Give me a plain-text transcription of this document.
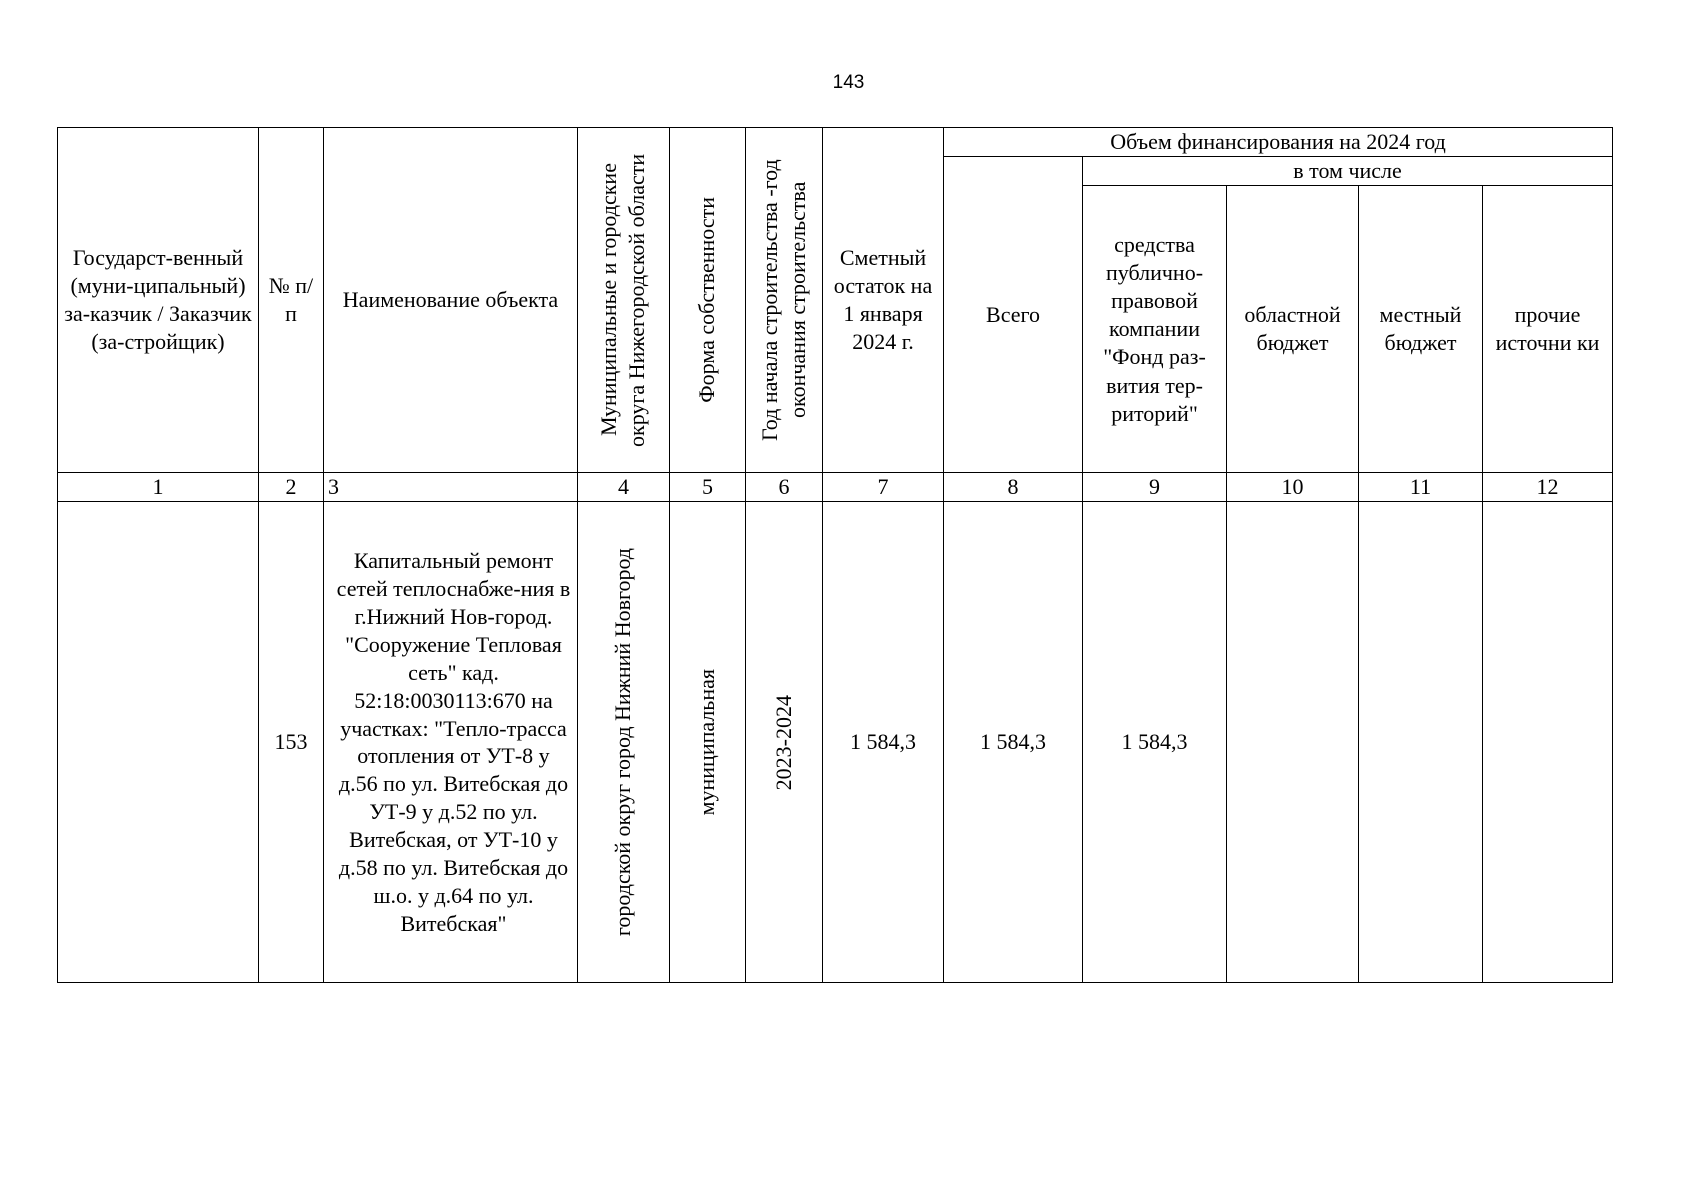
143
Государст-венный (муни-ципальный) за-казчик / Заказчик (за-стройщик)	№ п/п	Наименование объекта	Муниципальные и городские округа Нижегородской области	Форма собственности	Год начала строительства -год окончания строительства	Сметный остаток на 1 января 2024 г.	Объем финансирования на 2024 год				
							Всего	в том числе			
								средства публично-правовой компании "Фонд раз-вития тер-риторий"	областной бюджет	местный бюджет	прочие источни ки
1	2	3	4	5	6	7	8	9	10	11	12
	153	Капитальный ремонт сетей теплоснабже-ния в г.Нижний Нов-город. "Сооружение Тепловая сеть" кад. 52:18:0030113:670 на участках: "Тепло-трасса отопления от УТ-8 у д.56 по ул. Витебская до УТ-9 у д.52 по ул. Витебская, от УТ-10 у д.58 по ул. Витебская до ш.о. у д.64 по ул. Витебская"	городской округ город Нижний Новгород	муниципальная	2023-2024	1 584,3	1 584,3	1 584,3			
